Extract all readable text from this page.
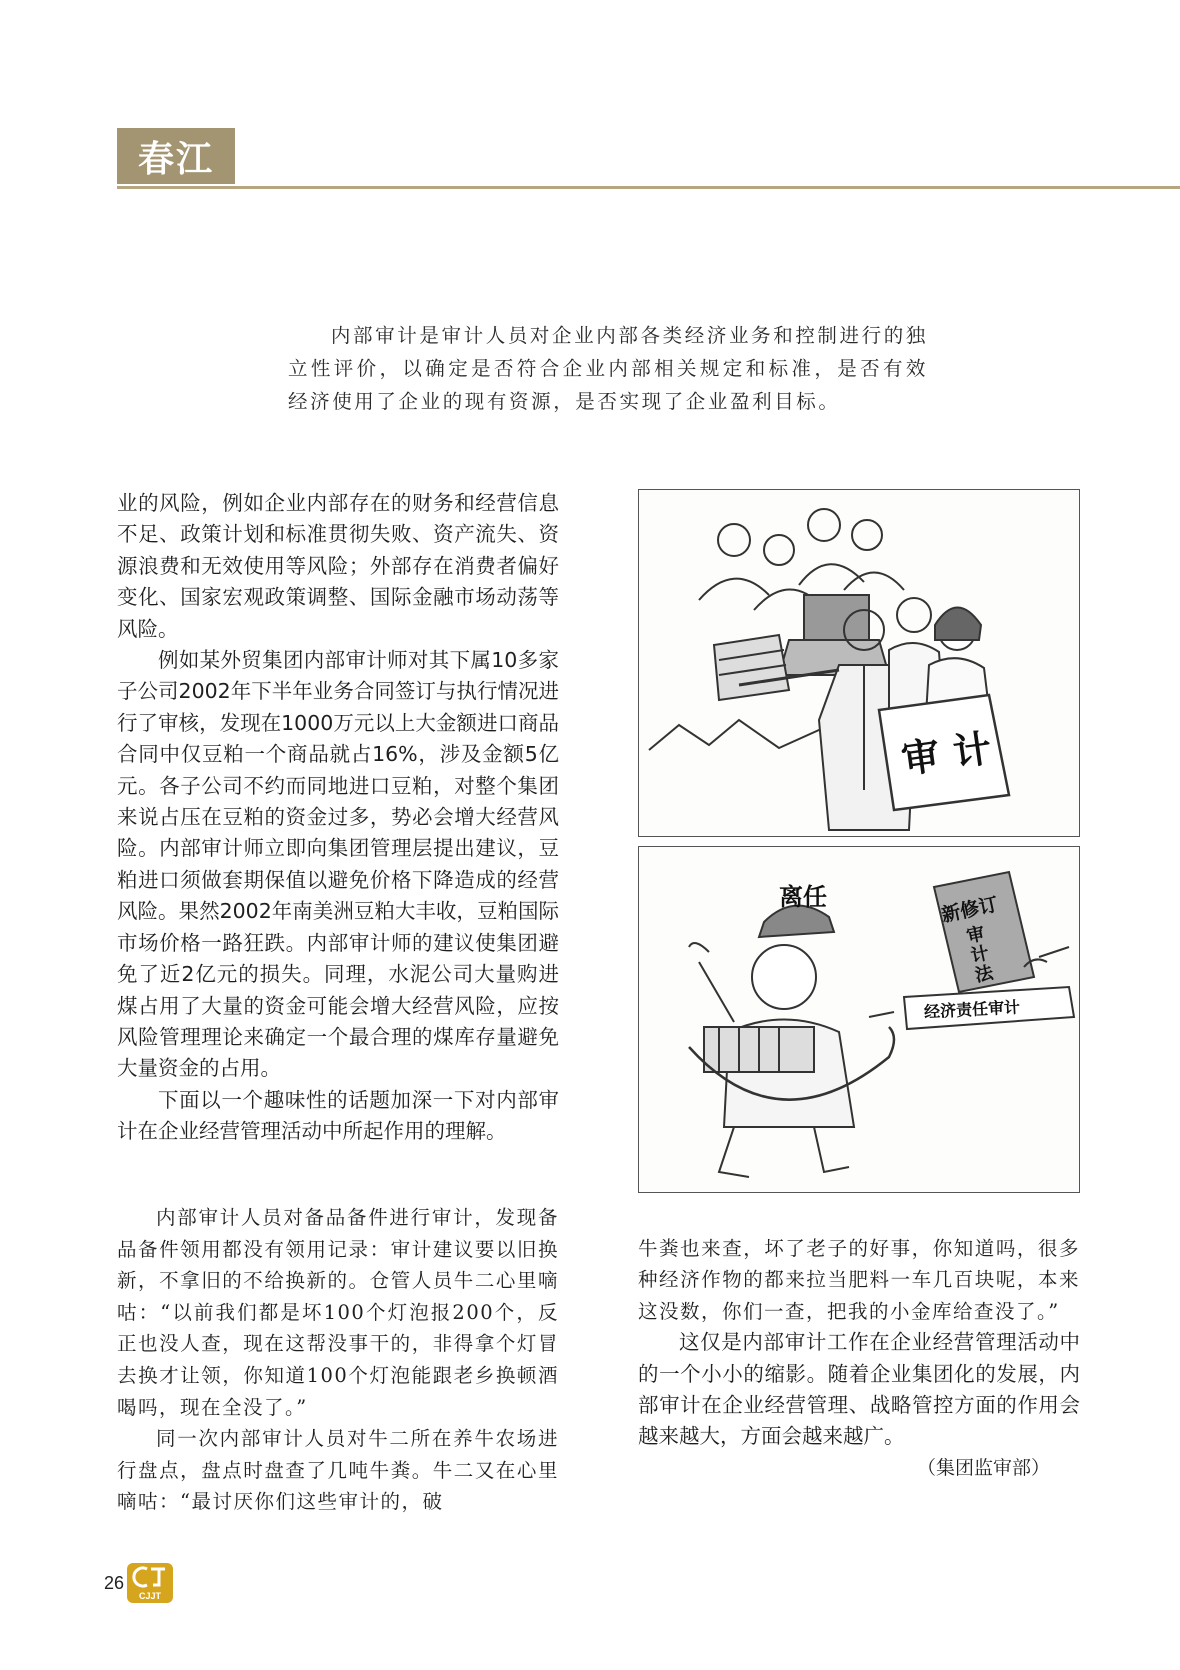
春江

内部审计是审计人员对企业内部各类经济业务和控制进行的独立性评价，以确定是否符合企业内部相关规定和标准，是否有效经济使用了企业的现有资源，是否实现了企业盈利目标。

业的风险，例如企业内部存在的财务和经营信息不足、政策计划和标准贯彻失败、资产流失、资源浪费和无效使用等风险；外部存在消费者偏好变化、国家宏观政策调整、国际金融市场动荡等风险。

例如某外贸集团内部审计师对其下属10多家子公司2002年下半年业务合同签订与执行情况进行了审核，发现在1000万元以上大金额进口商品合同中仅豆粕一个商品就占16%，涉及金额5亿元。各子公司不约而同地进口豆粕，对整个集团来说占压在豆粕的资金过多，势必会增大经营风险。内部审计师立即向集团管理层提出建议，豆粕进口须做套期保值以避免价格下降造成的经营风险。果然2002年南美洲豆粕大丰收，豆粕国际市场价格一路狂跌。内部审计师的建议使集团避免了近2亿元的损失。同理，水泥公司大量购进煤占用了大量的资金可能会增大经营风险，应按风险管理理论来确定一个最合理的煤库存量避免大量资金的占用。

下面以一个趣味性的话题加深一下对内部审计在企业经营管理活动中所起作用的理解。

内部审计人员对备品备件进行审计，发现备品备件领用都没有领用记录：审计建议要以旧换新，不拿旧的不给换新的。仓管人员牛二心里嘀咕：“以前我们都是坏100个灯泡报200个，反正也没人查，现在这帮没事干的，非得拿个灯冒去换才让领，你知道100个灯泡能跟老乡换顿酒喝吗，现在全没了。”

同一次内部审计人员对牛二所在养牛农场进行盘点，盘点时盘查了几吨牛粪。牛二又在心里嘀咕：“最讨厌你们这些审计的，破

牛粪也来查，坏了老子的好事，你知道吗，很多种经济作物的都来拉当肥料一车几百块呢，本来这没数，你们一查，把我的小金库给查没了。”

这仅是内部审计工作在企业经营管理活动中的一个小小的缩影。随着企业集团化的发展，内部审计在企业经营管理、战略管控方面的作用会越来越大，方面会越来越广。

（集团监审部）
审计
离任	新修订
审计法
经济责任审计
26
CJJT
